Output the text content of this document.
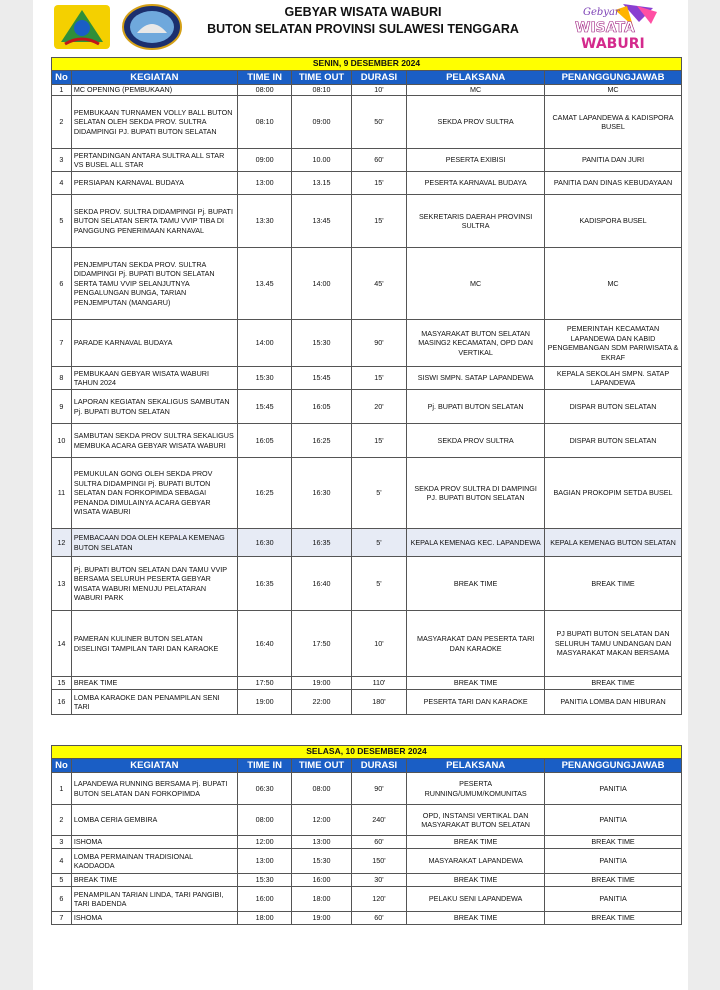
GEBYAR WISATA WABURI
BUTON SELATAN PROVINSI SULAWESI TENGGARA
Gebyar
WISATA
WABURI
SENIN, 9 DESEMBER 2024						
No	KEGIATAN	TIME IN	TIME OUT	DURASI	PELAKSANA	PENANGGUNGJAWAB
1	MC OPENING (PEMBUKAAN)	08:00	08:10	10'	MC	MC
2	PEMBUKAAN TURNAMEN VOLLY BALL BUTON SELATAN OLEH SEKDA PROV. SULTRA DIDAMPINGI PJ. BUPATI BUTON SELATAN	08:10	09:00	50'	SEKDA PROV SULTRA	CAMAT LAPANDEWA & KADISPORA BUSEL
3	PERTANDINGAN ANTARA SULTRA ALL STAR VS BUSEL ALL STAR	09:00	10.00	60'	PESERTA EXIBISI	PANITIA DAN JURI
4	PERSIAPAN KARNAVAL BUDAYA	13:00	13.15	15'	PESERTA KARNAVAL BUDAYA	PANITIA DAN DINAS KEBUDAYAAN
5	SEKDA PROV. SULTRA DIDAMPINGI Pj. BUPATI BUTON SELATAN SERTA TAMU VVIP TIBA DI PANGGUNG PENERIMAAN KARNAVAL	13:30	13:45	15'	SEKRETARIS DAERAH PROVINSI SULTRA	KADISPORA BUSEL
6	PENJEMPUTAN SEKDA PROV. SULTRA DIDAMPINGI Pj. BUPATI BUTON SELATAN SERTA TAMU VVIP SELANJUTNYA PENGALUNGAN BUNGA, TARIAN PENJEMPUTAN (MANGARU)	13.45	14:00	45'	MC	MC
7	PARADE KARNAVAL BUDAYA	14:00	15:30	90'	MASYARAKAT BUTON SELATAN MASING2 KECAMATAN, OPD DAN VERTIKAL	PEMERINTAH KECAMATAN LAPANDEWA DAN KABID PENGEMBANGAN SDM PARIWISATA & EKRAF
8	PEMBUKAAN GEBYAR WISATA WABURI TAHUN 2024	15:30	15:45	15'	SISWI SMPN. SATAP LAPANDEWA	KEPALA SEKOLAH SMPN. SATAP LAPANDEWA
9	LAPORAN KEGIATAN SEKALIGUS SAMBUTAN Pj. BUPATI BUTON SELATAN	15:45	16:05	20'	Pj. BUPATI BUTON SELATAN	DISPAR BUTON SELATAN
10	SAMBUTAN SEKDA PROV SULTRA SEKALIGUS MEMBUKA ACARA GEBYAR WISATA WABURI	16:05	16:25	15'	SEKDA PROV SULTRA	DISPAR BUTON SELATAN
11	PEMUKULAN GONG OLEH SEKDA PROV SULTRA DIDAMPINGI Pj. BUPATI BUTON SELATAN DAN FORKOPIMDA SEBAGAI PENANDA DIMULAINYA ACARA GEBYAR WISATA WABURI	16:25	16:30	5'	SEKDA PROV SULTRA DI DAMPINGI PJ. BUPATI BUTON SELATAN	BAGIAN PROKOPIM SETDA BUSEL
12	PEMBACAAN DOA OLEH KEPALA KEMENAG BUTON SELATAN	16:30	16:35	5'	KEPALA KEMENAG KEC. LAPANDEWA	KEPALA KEMENAG BUTON SELATAN
13	Pj. BUPATI BUTON SELATAN DAN TAMU VVIP BERSAMA SELURUH PESERTA GEBYAR WISATA WABURI MENUJU PELATARAN WABURI PARK	16:35	16:40	5'	BREAK TIME	BREAK TIME
14	PAMERAN KULINER BUTON SELATAN DISELINGI TAMPILAN TARI DAN KARAOKE	16:40	17:50	10'	MASYARAKAT DAN PESERTA TARI DAN KARAOKE	PJ BUPATI BUTON SELATAN DAN SELURUH TAMU UNDANGAN DAN MASYARAKAT MAKAN BERSAMA
15	BREAK TIME	17:50	19:00	110'	BREAK TIME	BREAK TIME
16	LOMBA KARAOKE DAN PENAMPILAN SENI TARI	19:00	22:00	180'	PESERTA TARI DAN KARAOKE	PANITIA LOMBA DAN HIBURAN
SELASA, 10 DESEMBER 2024						
No	KEGIATAN	TIME IN	TIME OUT	DURASI	PELAKSANA	PENANGGUNGJAWAB
1	LAPANDEWA RUNNING BERSAMA Pj. BUPATI BUTON SELATAN DAN FORKOPIMDA	06:30	08:00	90'	PESERTA RUNNING/UMUM/KOMUNITAS	PANITIA
2	LOMBA CERIA GEMBIRA	08:00	12:00	240'	OPD, INSTANSI VERTIKAL DAN MASYARAKAT BUTON SELATAN	PANITIA
3	ISHOMA	12:00	13:00	60'	BREAK TIME	BREAK TIME
4	LOMBA PERMAINAN TRADISIONAL KAODAODA	13:00	15:30	150'	MASYARAKAT LAPANDEWA	PANITIA
5	BREAK TIME	15:30	16:00	30'	BREAK TIME	BREAK TIME
6	PENAMPILAN TARIAN LINDA, TARI PANGIBI, TARI BADENDA	16:00	18:00	120'	PELAKU SENI LAPANDEWA	PANITIA
7	ISHOMA	18:00	19:00	60'	BREAK TIME	BREAK TIME
